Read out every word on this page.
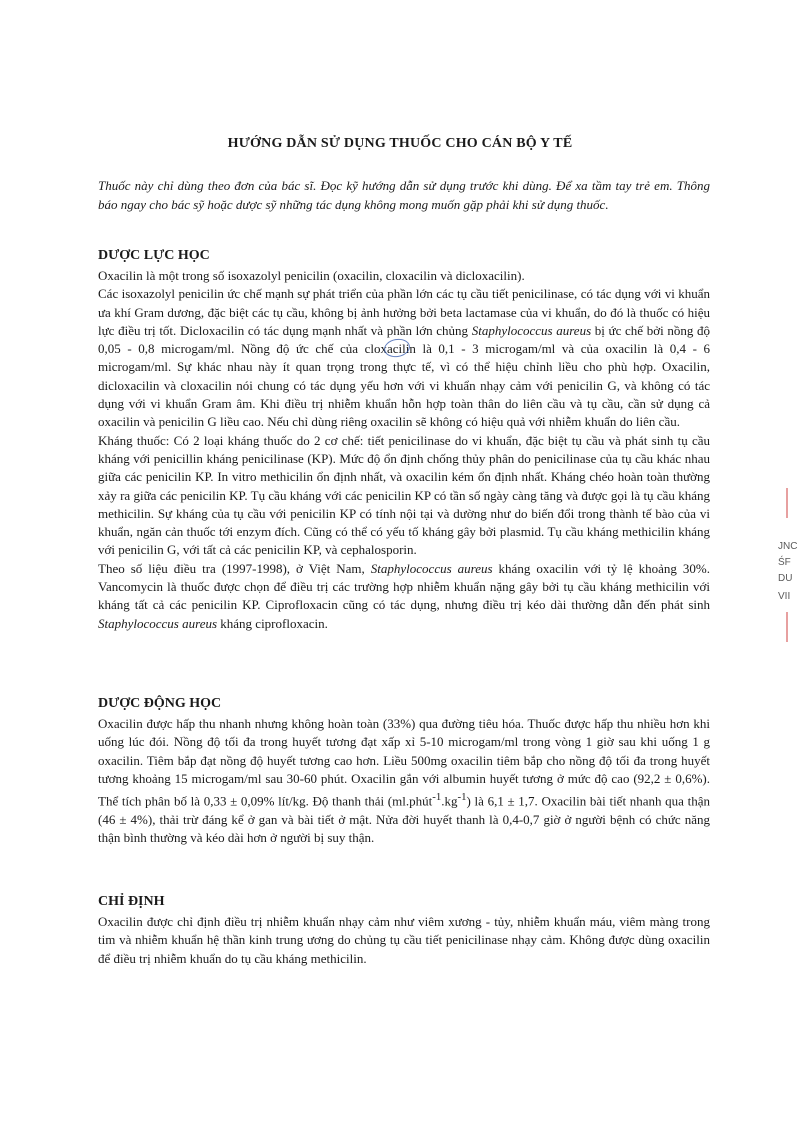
HƯỚNG DẪN SỬ DỤNG THUỐC CHO CÁN BỘ Y TẾ
Thuốc này chỉ dùng theo đơn của bác sĩ. Đọc kỹ hướng dẫn sử dụng trước khi dùng. Để xa tầm tay trẻ em. Thông báo ngay cho bác sỹ hoặc dược sỹ những tác dụng không mong muốn gặp phải khi sử dụng thuốc.
DƯỢC LỰC HỌC

Oxacilin là một trong số isoxazolyl penicilin (oxacilin, cloxacilin và dicloxacilin).

Các isoxazolyl penicilin ức chế mạnh sự phát triển của phần lớn các tụ cầu tiết penicilinase, có tác dụng với vi khuẩn ưa khí Gram dương, đặc biệt các tụ cầu, không bị ảnh hưởng bởi beta lactamase của vi khuẩn, do đó là thuốc có hiệu lực điều trị tốt. Dicloxacilin có tác dụng mạnh nhất và phần lớn chủng Staphylococcus aureus bị ức chế bởi nồng độ 0,05 - 0,8 microgam/ml. Nồng độ ức chế của cloxacilin là 0,1 - 3 microgam/ml và của oxacilin là 0,4 - 6 microgam/ml. Sự khác nhau này ít quan trọng trong thực tế, vì có thể hiệu chỉnh liều cho phù hợp. Oxacilin, dicloxacilin và cloxacilin nói chung có tác dụng yếu hơn với vi khuẩn nhạy cảm với penicilin G, và không có tác dụng với vi khuẩn Gram âm. Khi điều trị nhiễm khuẩn hỗn hợp toàn thân do liên cầu và tụ cầu, cần sử dụng cả oxacilin và penicilin G liều cao. Nếu chỉ dùng riêng oxacilin sẽ không có hiệu quả với nhiễm khuẩn do liên cầu.

Kháng thuốc: Có 2 loại kháng thuốc do 2 cơ chế: tiết penicilinase do vi khuẩn, đặc biệt tụ cầu và phát sinh tụ cầu kháng với penicillin kháng penicilinase (KP). Mức độ ổn định chống thủy phân do penicilinase của tụ cầu khác nhau giữa các penicilin KP. In vitro methicilin ổn định nhất, và oxacilin kém ổn định nhất. Kháng chéo hoàn toàn thường xảy ra giữa các penicilin KP. Tụ cầu kháng với các penicilin KP có tần số ngày càng tăng và được gọi là tụ cầu kháng methicilin. Sự kháng của tụ cầu với penicilin KP có tính nội tại và dường như do biến đổi trong thành tế bào của vi khuẩn, ngăn cản thuốc tới enzym đích. Cũng có thể có yếu tố kháng gây bởi plasmid. Tụ cầu kháng methicilin kháng với penicilin G, với tất cả các penicilin KP, và cephalosporin.

Theo số liệu điều tra (1997-1998), ở Việt Nam, Staphylococcus aureus kháng oxacilin với tỷ lệ khoảng 30%. Vancomycin là thuốc được chọn để điều trị các trường hợp nhiễm khuẩn nặng gây bởi tụ cầu kháng methicilin với kháng tất cả các penicilin KP. Ciprofloxacin cũng có tác dụng, nhưng điều trị kéo dài thường dẫn đến phát sinh Staphylococcus aureus kháng ciprofloxacin.

DƯỢC ĐỘNG HỌC

Oxacilin được hấp thu nhanh nhưng không hoàn toàn (33%) qua đường tiêu hóa. Thuốc được hấp thu nhiều hơn khi uống lúc đói. Nồng độ tối đa trong huyết tương đạt xấp xỉ 5-10 microgam/ml trong vòng 1 giờ sau khi uống 1 g oxacilin. Tiêm bắp đạt nồng độ huyết tương cao hơn. Liều 500mg oxacilin tiêm bắp cho nồng độ tối đa trong huyết tương khoảng 15 microgam/ml sau 30-60 phút. Oxacilin gắn với albumin huyết tương ở mức độ cao (92,2 ± 0,6%). Thể tích phân bố là 0,33 ± 0,09% lít/kg. Độ thanh thải $(ml.phút^{-1}.kg^{-1})$ là 6,1 ± 1,7. Oxacilin bài tiết nhanh qua thận (46 ± 4%), thải trừ đáng kể ở gan và bài tiết ở mật. Nửa đời huyết thanh là 0,4-0,7 giờ ở người bệnh có chức năng thận bình thường và kéo dài hơn ở người bị suy thận.

CHỈ ĐỊNH

Oxacilin được chỉ định điều trị nhiễm khuẩn nhạy cảm như viêm xương - tủy, nhiễm khuẩn máu, viêm màng trong tim và nhiễm khuẩn hệ thần kinh trung ương do chủng tụ cầu tiết penicilinase nhạy cảm. Không được dùng oxacilin để điều trị nhiễm khuẩn do tụ cầu kháng methicilin.

JNC
ŚF
DU
VII
